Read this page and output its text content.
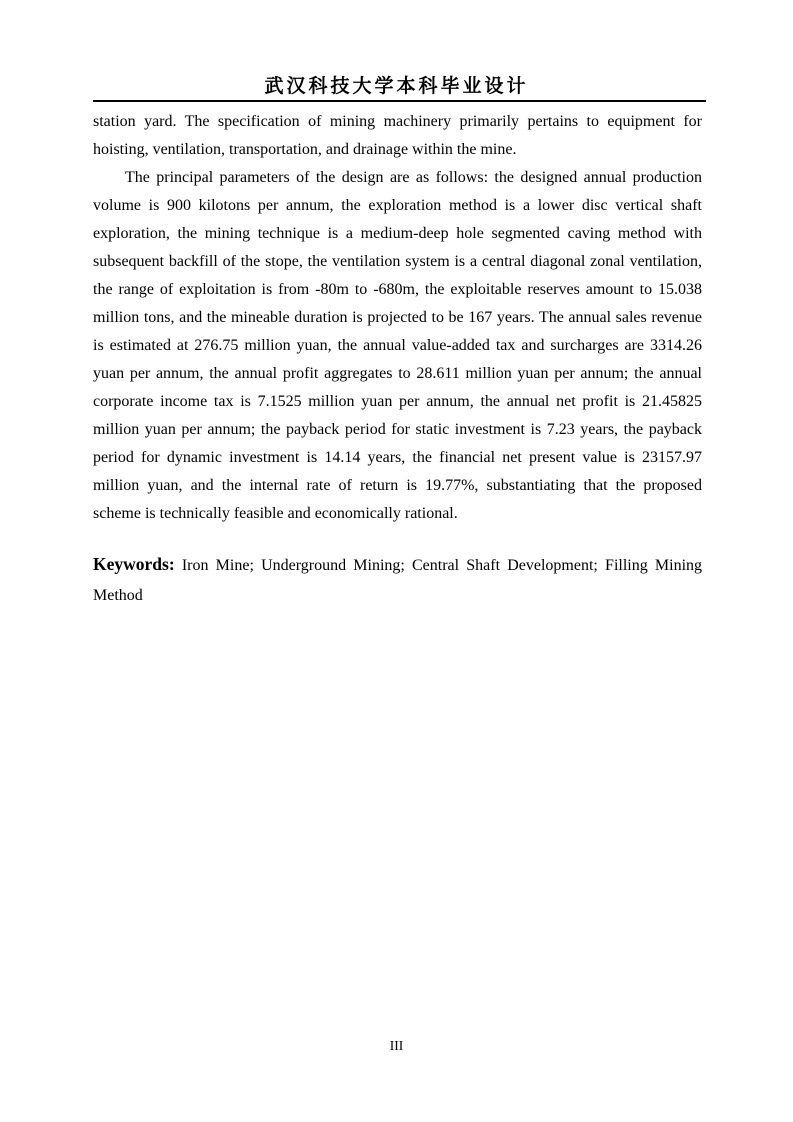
武汉科技大学本科毕业设计
station yard. The specification of mining machinery primarily pertains to equipment for
hoisting, ventilation, transportation, and drainage within the mine.
The principal parameters of the design are as follows: the designed annual production
volume is 900 kilotons per annum, the exploration method is a lower disc vertical shaft
exploration, the mining technique is a medium-deep hole segmented caving method with
subsequent backfill of the stope, the ventilation system is a central diagonal zonal ventilation,
the range of exploitation is from -80m to -680m, the exploitable reserves amount to 15.038
million tons, and the mineable duration is projected to be 167 years. The annual sales revenue
is estimated at 276.75 million yuan, the annual value-added tax and surcharges are 3314.26
yuan per annum, the annual profit aggregates to 28.611 million yuan per annum; the annual
corporate income tax is 7.1525 million yuan per annum, the annual net profit is 21.45825
million yuan per annum; the payback period for static investment is 7.23 years, the payback
period for dynamic investment is 14.14 years, the financial net present value is 23157.97
million yuan, and the internal rate of return is 19.77%, substantiating that the proposed
scheme is technically feasible and economically rational.
Keywords: Iron Mine; Underground Mining; Central Shaft Development; Filling Mining
Method
III
